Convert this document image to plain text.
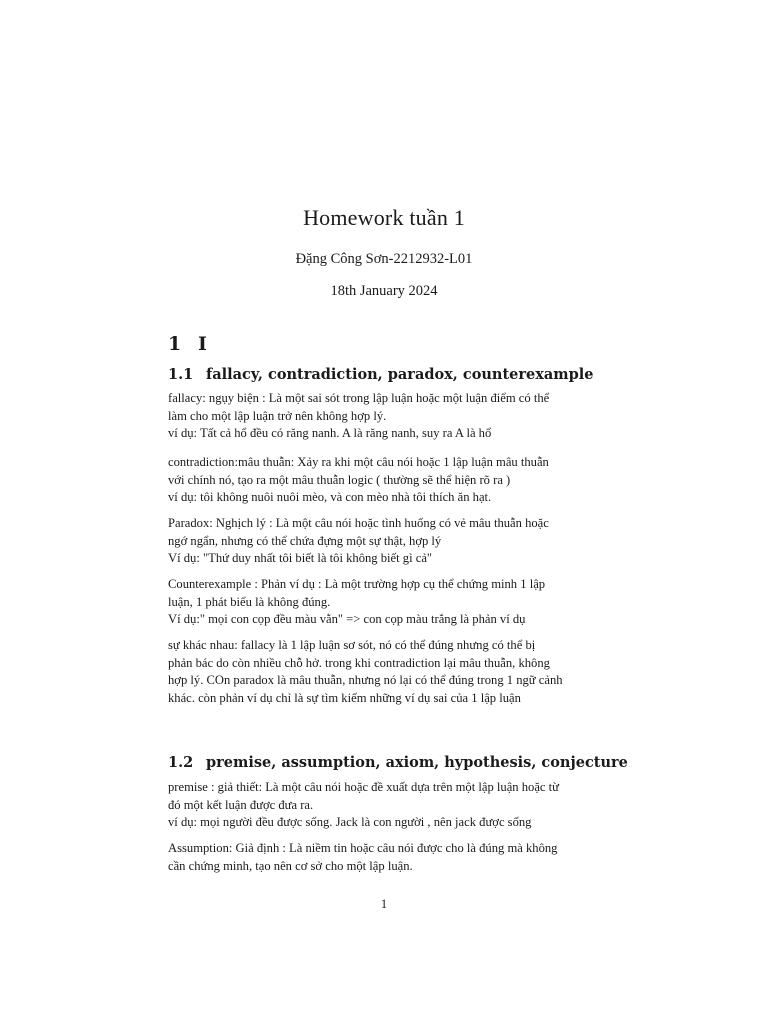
Homework tuần 1
Đặng Công Sơn-2212932-L01
18th January 2024
1 I
1.1 fallacy, contradiction, paradox, counterexample
fallacy: ngụy biện : Là một sai sót trong lập luận hoặc một luận điểm có thể
làm cho một lập luận trở nên không hợp lý.
ví dụ: Tất cả hổ đều có răng nanh. A là răng nanh, suy ra A là hổ
contradiction:mâu thuẫn: Xảy ra khi một câu nói hoặc 1 lập luận mâu thuẫn
với chính nó, tạo ra một mâu thuẫn logic ( thường sẽ thể hiện rõ ra )
ví dụ: tôi không nuôi nuôi mèo, và con mèo nhà tôi thích ăn hạt.
Paradox: Nghịch lý : Là một câu nói hoặc tình huống có vẻ mâu thuẫn hoặc
ngớ ngẩn, nhưng có thể chứa đựng một sự thật, hợp lý
Ví dụ: "Thứ duy nhất tôi biết là tôi không biết gì cả"
Counterexample : Phản ví dụ : Là một trường hợp cụ thể chứng minh 1 lập
luận, 1 phát biểu là không đúng.
Ví dụ:" mọi con cọp đều màu vằn" => con cọp màu trắng là phản ví dụ
sự khác nhau: fallacy là 1 lập luận sơ sót, nó có thể đúng nhưng có thể bị
phản bác do còn nhiều chỗ hở. trong khi contradiction lại mâu thuẫn, không
hợp lý. COn paradox là mâu thuẫn, nhưng nó lại có thể đúng trong 1 ngữ cảnh
khác. còn phản ví dụ chỉ là sự tìm kiếm những ví dụ sai của 1 lập luận
1.2 premise, assumption, axiom, hypothesis, conjecture
premise : giả thiết: Là một câu nói hoặc đề xuất dựa trên một lập luận hoặc từ
đó một kết luận được đưa ra.
ví dụ: mọi người đều được sống. Jack là con người , nên jack được sống
Assumption: Giả định : Là niềm tin hoặc câu nói được cho là đúng mà không
cần chứng minh, tạo nên cơ sở cho một lập luận.
1
